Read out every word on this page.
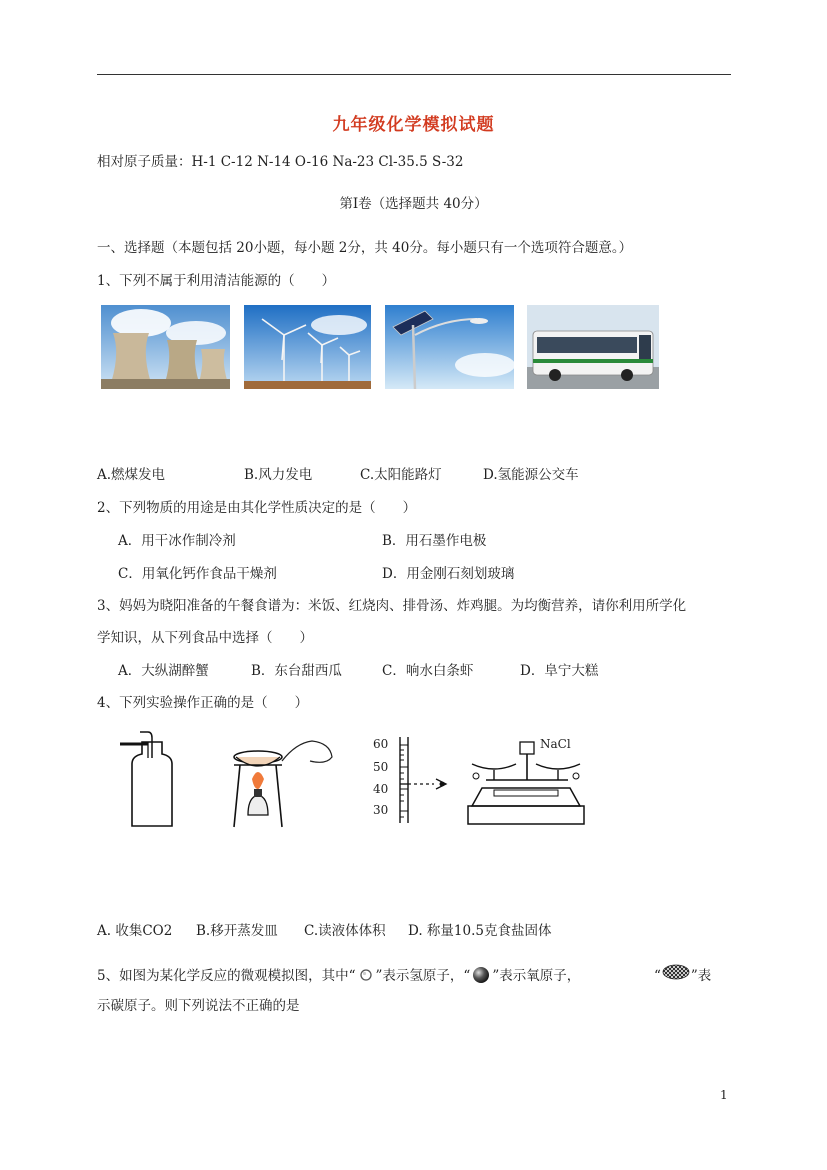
九年级化学模拟试题
相对原子质量：H-1 C-12 N-14 O-16 Na-23 Cl-35.5 S-32
第Ⅰ卷（选择题共 40分）
一、选择题（本题包括 20小题，每小题 2分，共 40分。每小题只有一个选项符合题意。）
1、下列不属于利用清洁能源的（　　）
A.燃煤发电	B.风力发电	C.太阳能路灯	D.氢能源公交车
2、下列物质的用途是由其化学性质决定的是（　　）
A．用干冰作制冷剂	B．用石墨作电极
C．用氧化钙作食品干燥剂	D．用金刚石刻划玻璃
3、妈妈为晓阳准备的午餐食谱为：米饭、红烧肉、排骨汤、炸鸡腿。为均衡营养，请你利用所学化
学知识，从下列食品中选择（　　）
A．大纵湖醉蟹	B．东台甜西瓜	C．响水白条虾	D．阜宁大糕
4、下列实验操作正确的是（　　）
60
50
40
30
NaCl
A. 收集CO2 B.移开蒸发皿 C.读液体体积 D. 称量10.5克食盐固体
5、如图为某化学反应的微观模拟图，其中“ ”表示氢原子，“ ”表示氧原子，	“ ”表
示碳原子。则下列说法不正确的是
1
